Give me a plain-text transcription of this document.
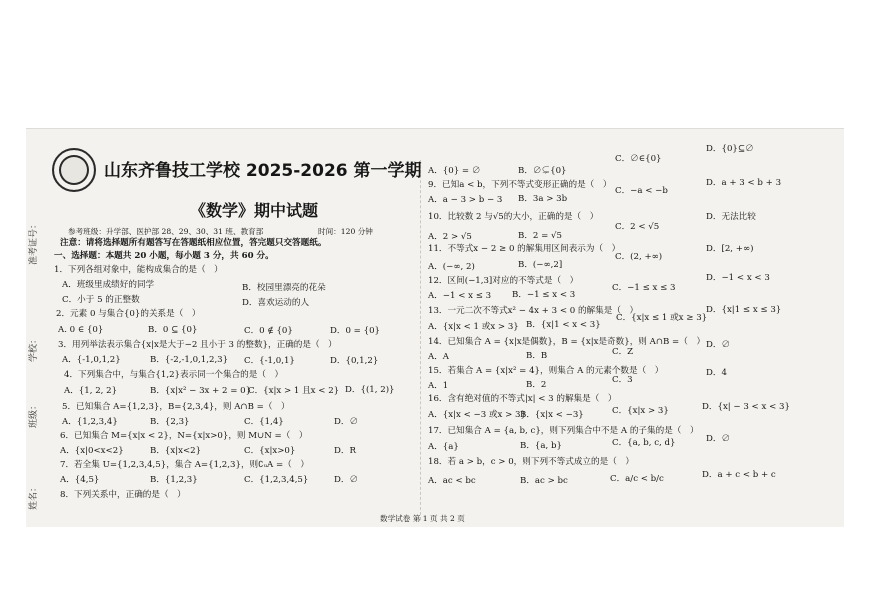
准考证号：
学校：
班级：
姓名：
山东齐鲁技工学校 2025-2026 第一学期
《数学》期中试题
参考班级：升学部、医护部 28、29、30、31 班、教育部	时间：120 分钟
注意：请将选择题所有题答写在答题纸相应位置，答完题只交答题纸。
一、选择题：本题共 20 小题，每小题 3 分，共 60 分。
1．下列各组对象中，能构成集合的是（　）
A．班级里成绩好的同学	B．校园里漂亮的花朵
C．小于 5 的正整数	D．喜欢运动的人
2．元素 0 与集合{0}的关系是（　）
A. 0 ∈ {0}	B．0 ⊆ {0}	C．0 ∉ {0}	D．0 = {0}
3．用列举法表示集合{x|x是大于−2 且小于 3 的整数}，正确的是（　）
A．{-1,0,1,2}	B．{-2,-1,0,1,2,3} C．{-1,0,1}	D．{0,1,2}
4．下列集合中，与集合{1,2}表示同一个集合的是（　）
A．{1, 2, 2}	B．{x|x² − 3x + 2 = 0}
C．{x|x > 1 且x < 2} D．{(1, 2)}
5．已知集合 A={1,2,3}，B={2,3,4}，则 A∩B =（　）
A．{1,2,3,4}	B．{2,3}	C．{1,4}	D．∅
6．已知集合 M={x|x < 2}，N={x|x>0}，则 M∪N =（　）
A．{x|0<x<2}	B．{x|x<2}	C．{x|x>0}	D．R
7．若全集 U={1,2,3,4,5}，集合 A={1,2,3}，则∁ᵤA =（　）
A．{4,5}	B．{1,2,3}	C．{1,2,3,4,5}	D．∅
8．下列关系中，正确的是（　）
A．{0} = ∅	B．∅⊊{0}
C．∅∈{0}
D．{0}⊆∅
9．已知a < b，下列不等式变形正确的是（　）
A．a − 3 > b − 3 B．3a > 3b
C．−a < −b
D．a + 3 < b + 3
10．比较数 2 与√5的大小，正确的是（　）
A．2 > √5	B．2 = √5
C．2 < √5
D．无法比较
11．不等式x − 2 ≥ 0 的解集用区间表示为（　）
A．(−∞, 2)	B．(−∞,2]
C．(2, +∞)
D．[2, +∞)
12．区间(−1,3]对应的不等式是（　）
A．−1 < x ≤ 3 B．−1 ≤ x < 3
C．−1 ≤ x ≤ 3
D．−1 < x < 3
13．一元二次不等式x² − 4x + 3 < 0 的解集是（　）
A．{x|x < 1 或x > 3} B．{x|1 < x < 3}
C．{x|x ≤ 1 或x ≥ 3}
D．{x|1 ≤ x ≤ 3}
14．已知集合 A = {x|x是偶数}，B = {x|x是奇数}，则 A∩B =（　）
A．A	B．B	C．Z
D．∅
15．若集合 A = {x|x² = 4}，则集合 A 的元素个数是（　）
A．1	B．2	C．3
D．4
16．含有绝对值的不等式|x| < 3 的解集是（　）
A．{x|x < −3 或x > 3}
B．{x|x < −3}	C．{x|x > 3}	D．{x| − 3 < x < 3}
17．已知集合 A = {a, b, c}，则下列集合中不是 A 的子集的是（　）
A．{a}	B．{a, b}	C．{a, b, c, d}	D．∅
18．若 a > b，c > 0，则下列不等式成立的是（　）
A．ac < bc	B．ac > bc	C．a/c < b/c	D．a + c < b + c
数学试卷 第 1 页 共 2 页
